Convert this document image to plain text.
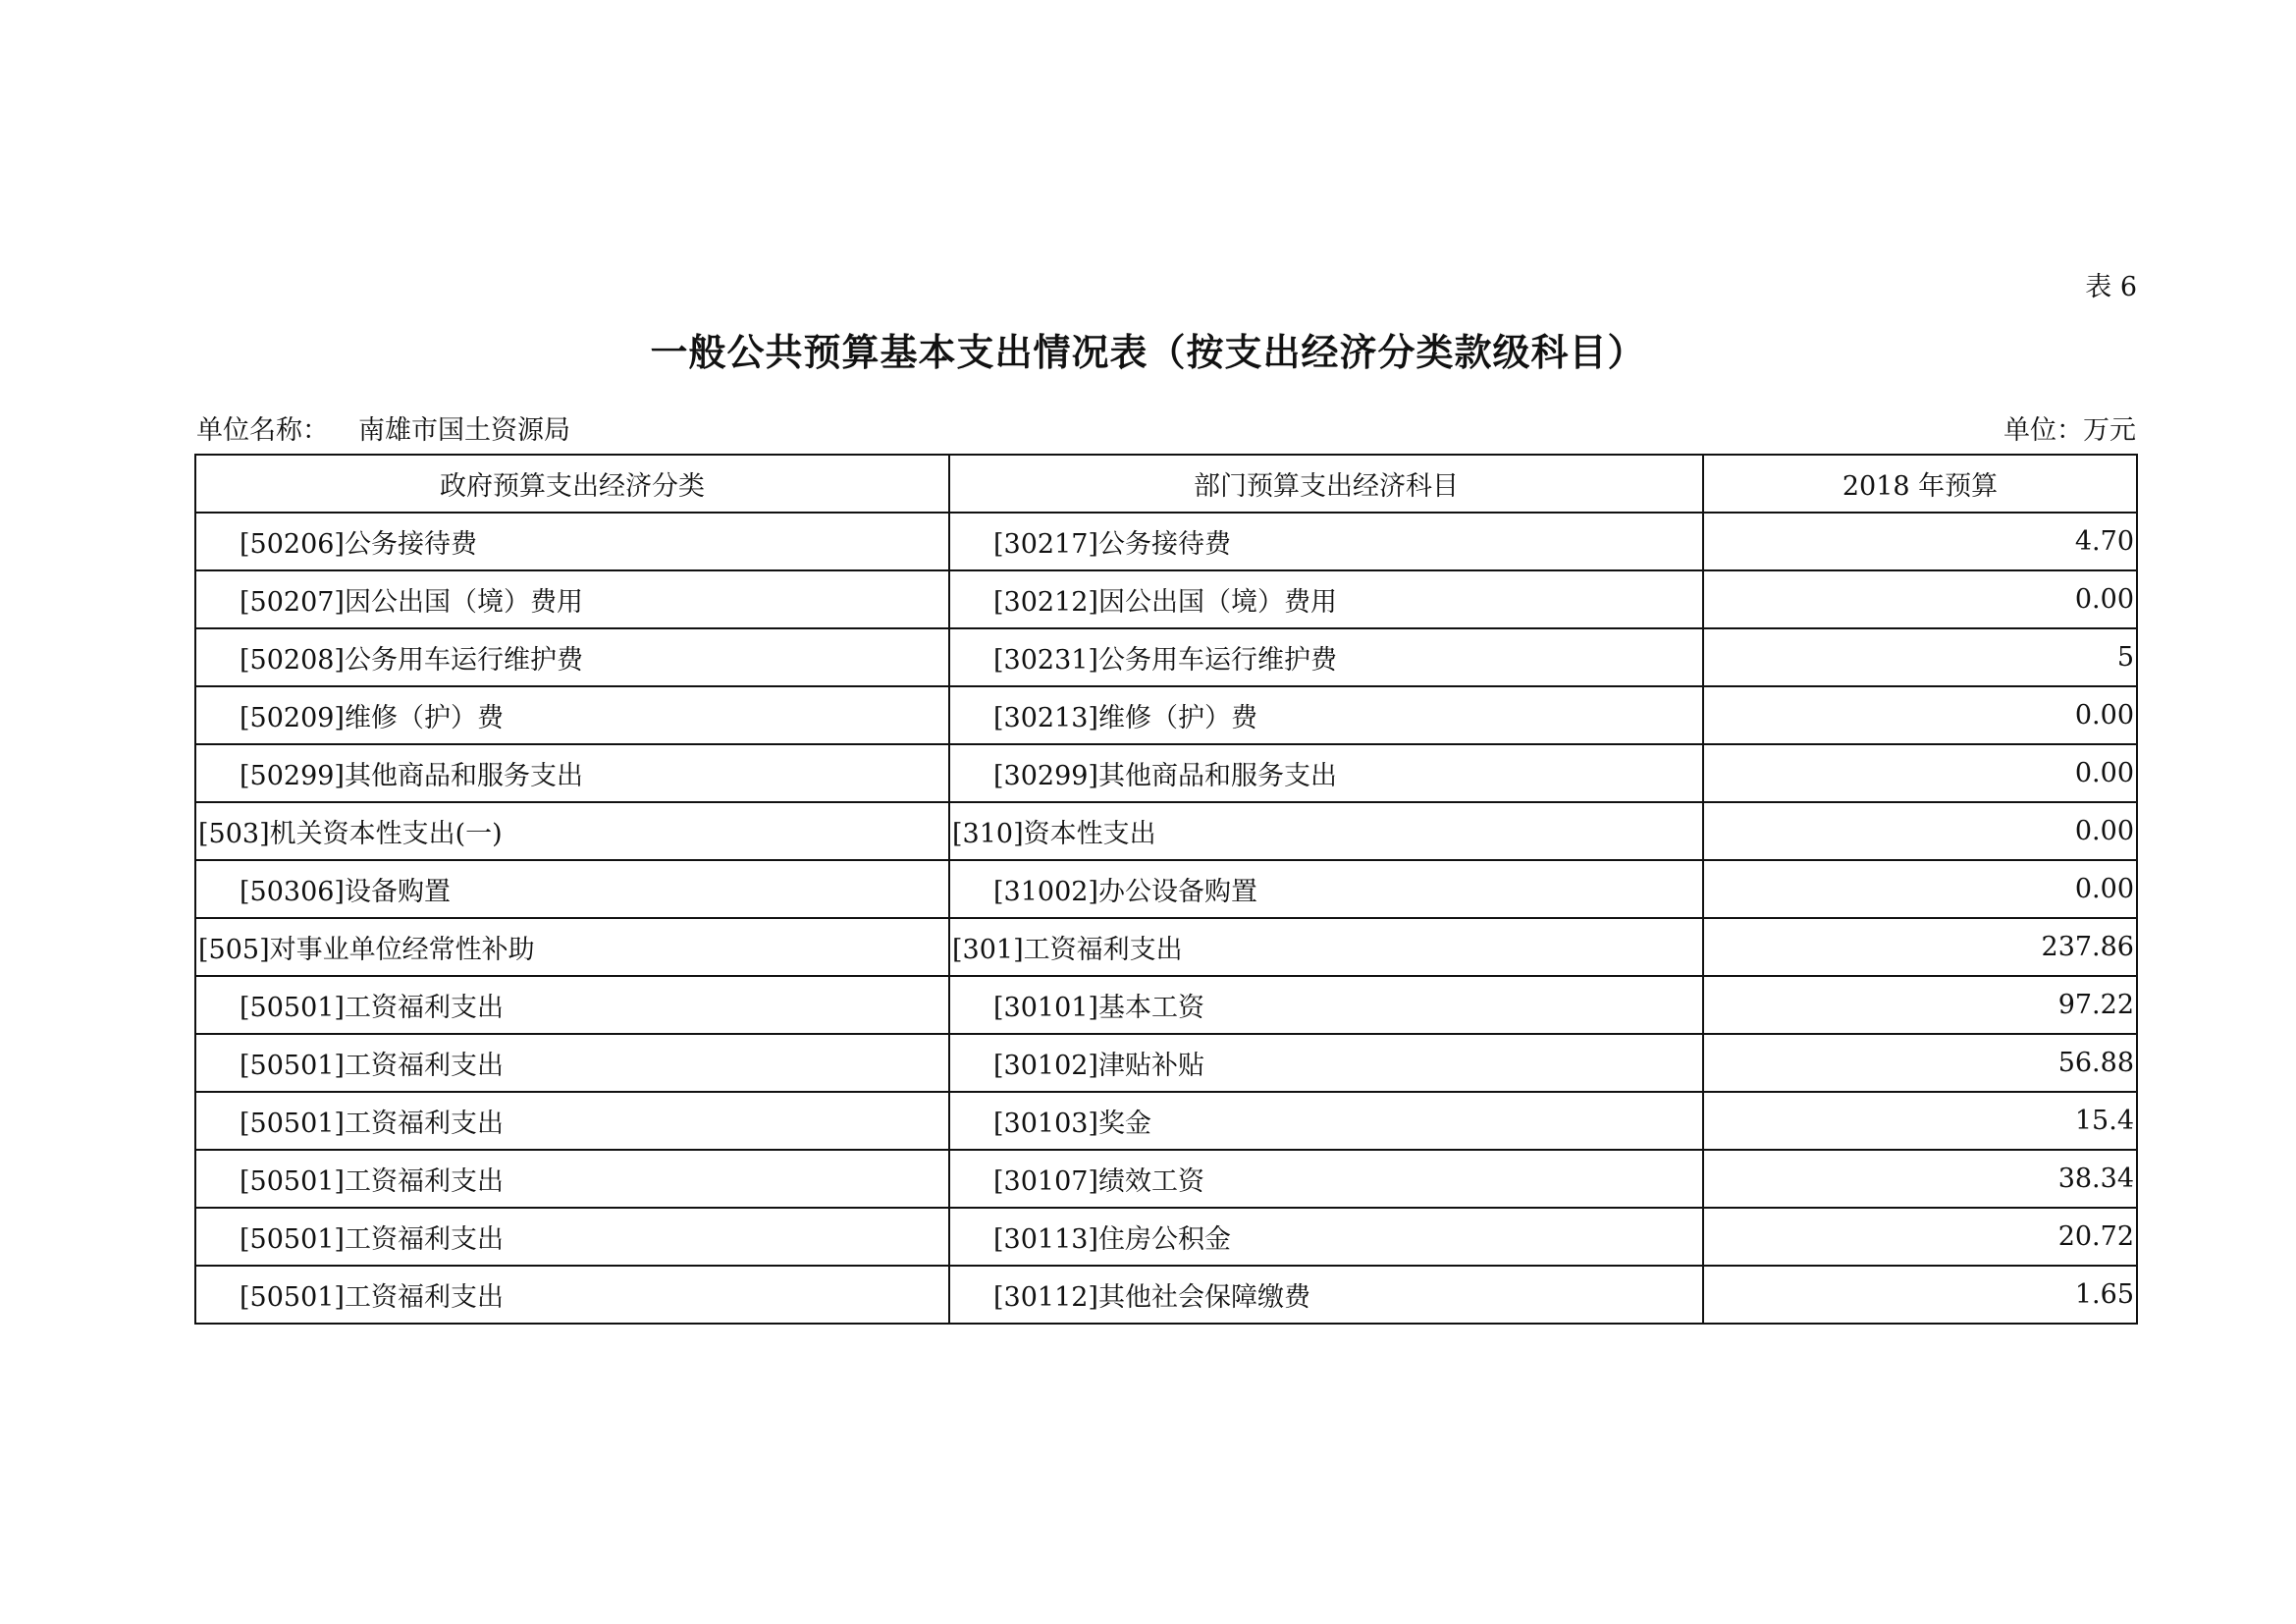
表 6
一般公共预算基本支出情况表（按支出经济分类款级科目）
单位名称： 南雄市国土资源局	单位：万元
政府预算支出经济分类	部门预算支出经济科目	2018 年预算
[50206]公务接待费	[30217]公务接待费	4.70
[50207]因公出国（境）费用	[30212]因公出国（境）费用	0.00
[50208]公务用车运行维护费	[30231]公务用车运行维护费	5
[50209]维修（护）费	[30213]维修（护）费	0.00
[50299]其他商品和服务支出	[30299]其他商品和服务支出	0.00
[503]机关资本性支出(一)	[310]资本性支出	0.00
[50306]设备购置	[31002]办公设备购置	0.00
[505]对事业单位经常性补助	[301]工资福利支出	237.86
[50501]工资福利支出	[30101]基本工资	97.22
[50501]工资福利支出	[30102]津贴补贴	56.88
[50501]工资福利支出	[30103]奖金	15.4
[50501]工资福利支出	[30107]绩效工资	38.34
[50501]工资福利支出	[30113]住房公积金	20.72
[50501]工资福利支出	[30112]其他社会保障缴费	1.65
